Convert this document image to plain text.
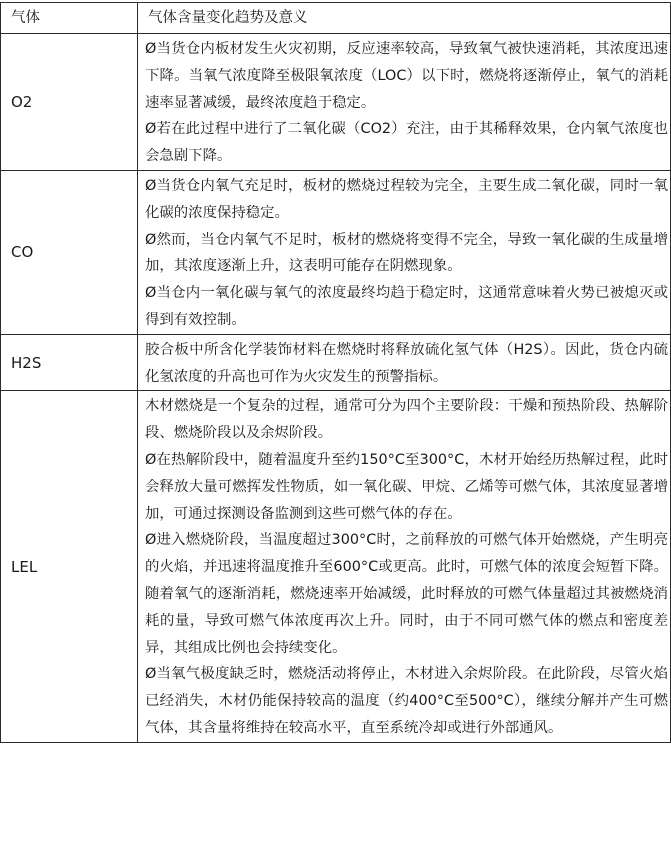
气体	气体含量变化趋势及意义
O2	Ø当货仓内板材发生火灾初期，反应速率较高，导致氧气被快速消耗，其浓度迅速下降。当氧气浓度降至极限氧浓度（LOC）以下时，燃烧将逐渐停止，氧气的消耗速率显著减缓，最终浓度趋于稳定。

Ø若在此过程中进行了二氧化碳（CO2）充注，由于其稀释效果，仓内氧气浓度也会急剧下降。

CO	Ø当货仓内氧气充足时，板材的燃烧过程较为完全，主要生成二氧化碳，同时一氧化碳的浓度保持稳定。

Ø然而，当仓内氧气不足时，板材的燃烧将变得不完全，导致一氧化碳的生成量增加，其浓度逐渐上升，这表明可能存在阴燃现象。

Ø当仓内一氧化碳与氧气的浓度最终均趋于稳定时，这通常意味着火势已被熄灭或得到有效控制。

H2S	胶合板中所含化学装饰材料在燃烧时将释放硫化氢气体（H2S）。因此，货仓内硫化氢浓度的升高也可作为火灾发生的预警指标。

LEL	木材燃烧是一个复杂的过程，通常可分为四个主要阶段：干燥和预热阶段、热解阶段、燃烧阶段以及余烬阶段。

Ø在热解阶段中，随着温度升至约150°C至300°C，木材开始经历热解过程，此时会释放大量可燃挥发性物质，如一氧化碳、甲烷、乙烯等可燃气体，其浓度显著增加，可通过探测设备监测到这些可燃气体的存在。

Ø进入燃烧阶段，当温度超过300°C时，之前释放的可燃气体开始燃烧，产生明亮的火焰，并迅速将温度推升至600°C或更高。此时，可燃气体的浓度会短暂下降。随着氧气的逐渐消耗，燃烧速率开始减缓，此时释放的可燃气体量超过其被燃烧消耗的量，导致可燃气体浓度再次上升。同时，由于不同可燃气体的燃点和密度差异，其组成比例也会持续变化。

Ø当氧气极度缺乏时，燃烧活动将停止，木材进入余烬阶段。在此阶段，尽管火焰已经消失，木材仍能保持较高的温度（约400°C至500°C），继续分解并产生可燃气体，其含量将维持在较高水平，直至系统冷却或进行外部通风。
